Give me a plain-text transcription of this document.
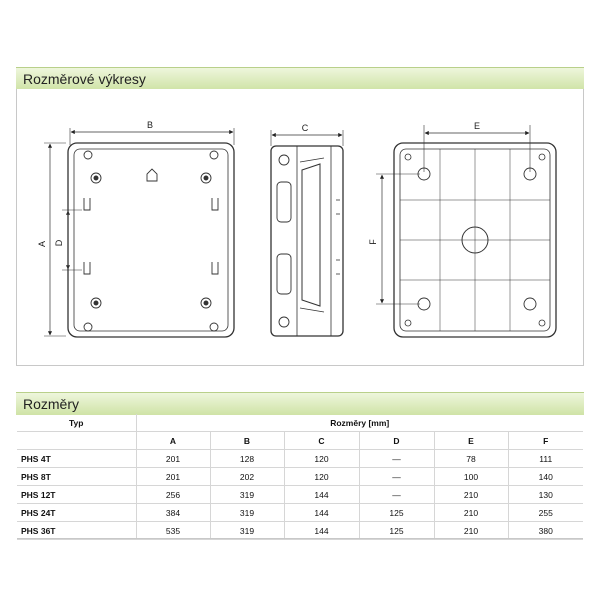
Rozměrové výkresy
B
A D
C	E
F
Rozměry
Typ	Rozměry [mm]					
	A	B	C	D	E	F
PHS 4T	201	128	120	—	78	111
PHS 8T	201	202	120	—	100	140
PHS 12T	256	319	144	—	210	130
PHS 24T	384	319	144	125	210	255
PHS 36T	535	319	144	125	210	380
